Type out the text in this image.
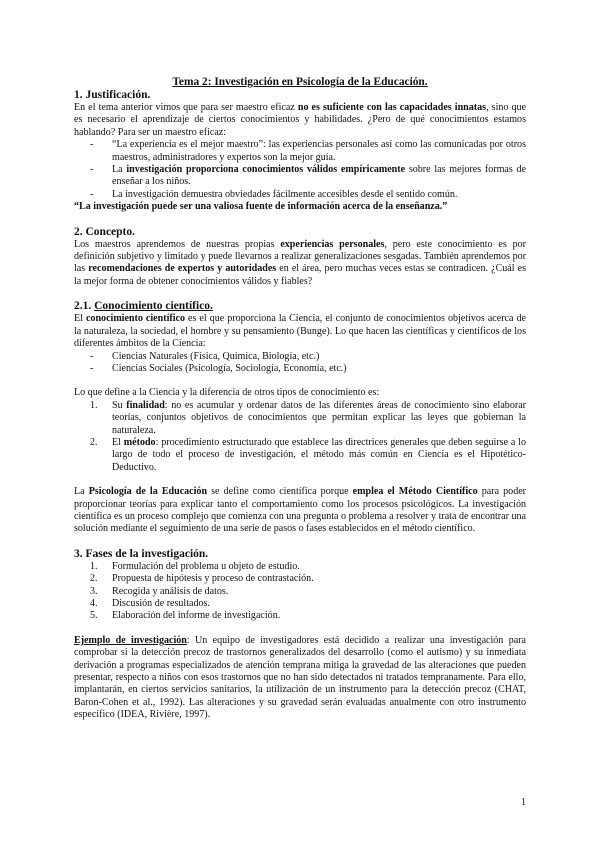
Tema 2: Investigación en Psicología de la Educación.

1. Justificación.

En el tema anterior vimos que para ser maestro eficaz no es suficiente con las capacidades innatas, sino que es necesario el aprendizaje de ciertos conocimientos y habilidades. ¿Pero de qué conocimientos estamos hablando? Para ser un maestro eficaz:

- “La experiencia es el mejor maestro”: las experiencias personales así como las comunicadas por otros maestros, administradores y expertos son la mejor guía.
- La investigación proporciona conocimientos válidos empíricamente sobre las mejores formas de enseñar a los niños.
- La investigación demuestra obviedades fácilmente accesibles desde el sentido común.

“La investigación puede ser una valiosa fuente de información acerca de la enseñanza.”

2. Concepto.

Los maestros aprendemos de nuestras propias experiencias personales, pero este conocimiento es por definición subjetivo y limitado y puede llevarnos a realizar generalizaciones sesgadas. También aprendemos por las recomendaciones de expertos y autoridades en el área, pero muchas veces estas se contradicen. ¿Cuál es la mejor forma de obtener conocimientos válidos y fiables?

2.1. Conocimiento científico.

El conocimiento científico es el que proporciona la Ciencia, el conjunto de conocimientos objetivos acerca de la naturaleza, la sociedad, el hombre y su pensamiento (Bunge). Lo que hacen las científicas y científicos de los diferentes ámbitos de la Ciencia:

- Ciencias Naturales (Física, Química, Biología, etc.)
- Ciencias Sociales (Psicología, Sociología, Economía, etc.)

Lo que define a la Ciencia y la diferencia de otros tipos de conocimiento es:

1. Su finalidad: no es acumular y ordenar datos de las diferentes áreas de conocimiento sino elaborar teorías, conjuntos objetivos de conocimientos que permitan explicar las leyes que gobiernan la naturaleza.
2. El método: procedimiento estructurado que establece las directrices generales que deben seguirse a lo largo de todo el proceso de investigación, el método más común en Ciencia es el Hipotético-Deductivo.

La Psicología de la Educación se define como científica porque emplea el Método Científico para poder proporcionar teorías para explicar tanto el comportamiento como los procesos psicológicos. La investigación científica es un proceso complejo que comienza con una pregunta o problema a resolver y trata de encontrar una solución mediante el seguimiento de una serie de pasos o fases establecidos en el método científico.

3. Fases de la investigación.
1. Formulación del problema u objeto de estudio.
2. Propuesta de hipótesis y proceso de contrastación.
3. Recogida y análisis de datos.
4. Discusión de resultados.
5. Elaboración del informe de investigación.

Ejemplo de investigación: Un equipo de investigadores está decidido a realizar una investigación para comprobar si la detección precoz de trastornos generalizados del desarrollo (como el autismo) y su inmediata derivación a programas especializados de atención temprana mitiga la gravedad de las alteraciones que pueden presentar, respecto a niños con esos trastornos que no han sido detectados ni tratados tempranamente. Para ello, implantarán, en ciertos servicios sanitarios, la utilización de un instrumento para la detección precoz (CHAT, Baron-Cohen et al., 1992). Las alteraciones y su gravedad serán evaluadas anualmente con otro instrumento específico (IDEA, Rivière, 1997).

1
